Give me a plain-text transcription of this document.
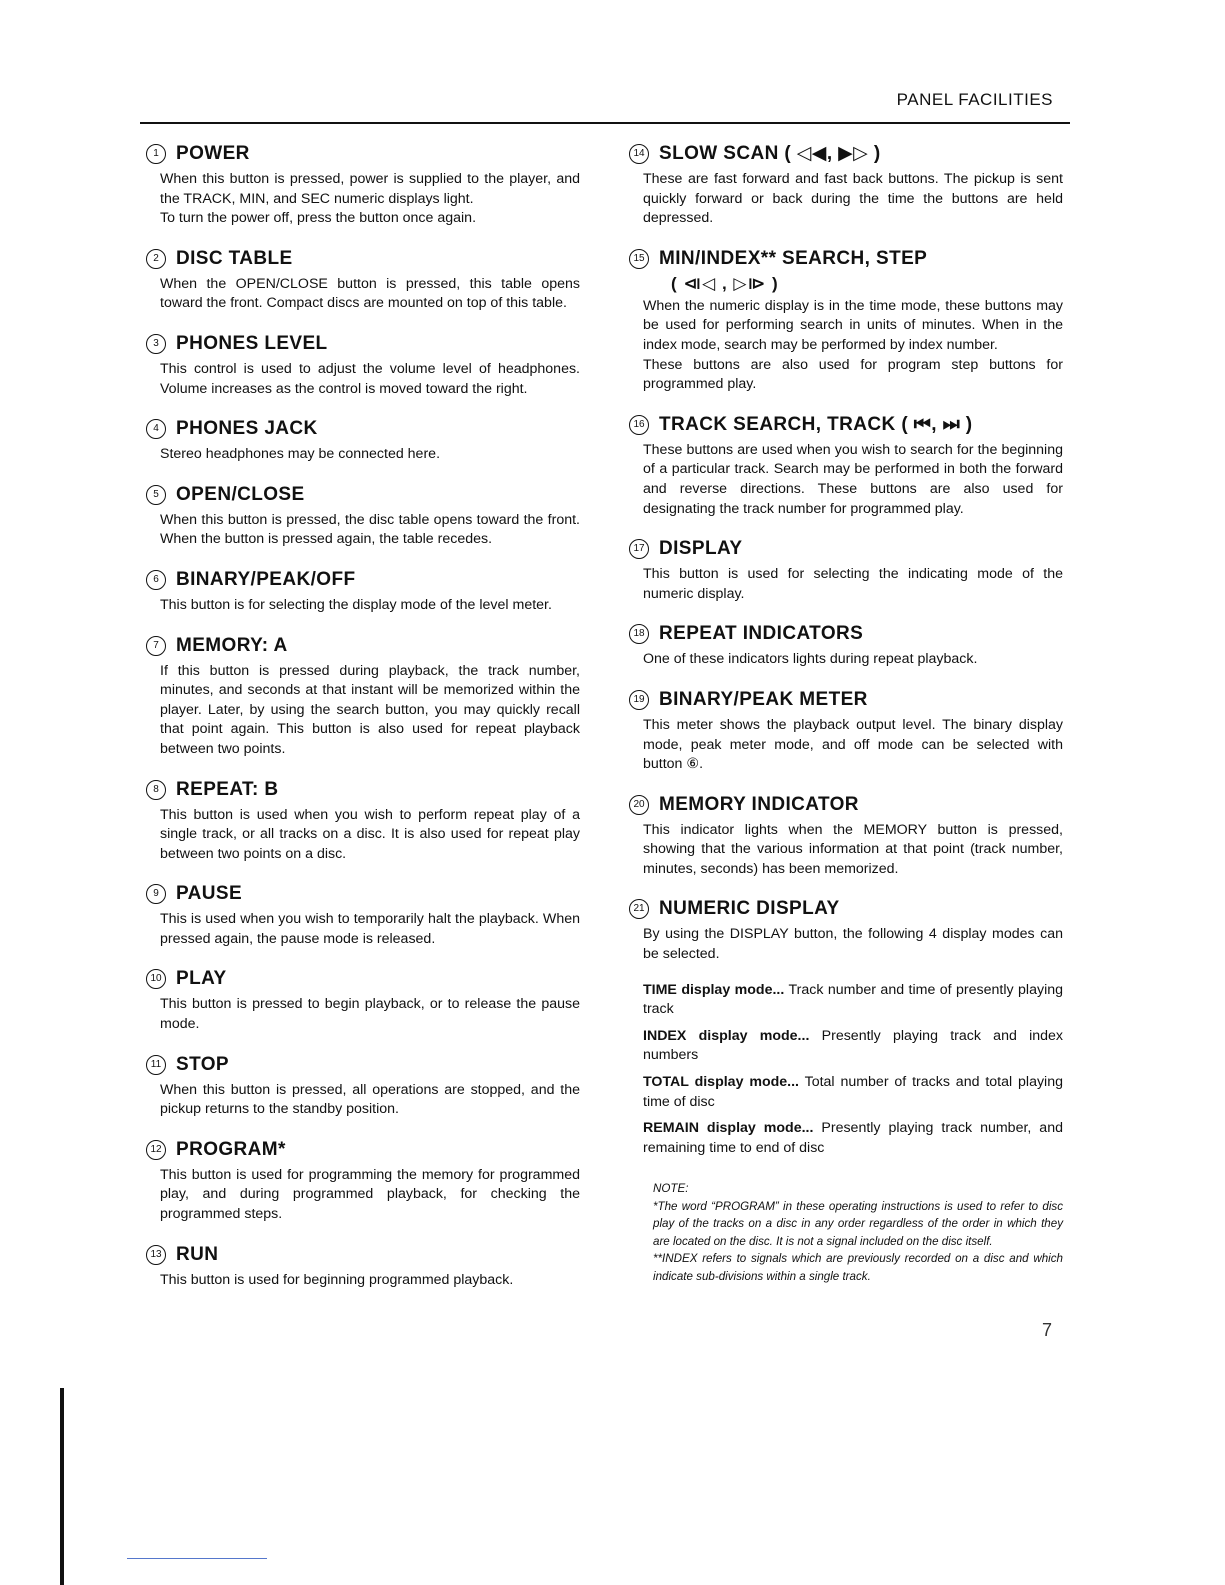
PANEL FACILITIES
1 POWER

When this button is pressed, power is supplied to the player, and the TRACK, MIN, and SEC numeric displays light.

To turn the power off, press the button once again.

2 DISC TABLE

When the OPEN/CLOSE button is pressed, this table opens toward the front. Compact discs are mounted on top of this table.

3 PHONES LEVEL

This control is used to adjust the volume level of headphones. Volume increases as the control is moved toward the right.

4 PHONES JACK

Stereo headphones may be connected here.

5 OPEN/CLOSE

When this button is pressed, the disc table opens toward the front. When the button is pressed again, the table recedes.

6 BINARY/PEAK/OFF

This button is for selecting the display mode of the level meter.

7 MEMORY: A

If this button is pressed during playback, the track number, minutes, and seconds at that instant will be memorized within the player. Later, by using the search button, you may quickly recall that point again. This button is also used for repeat playback between two points.

8 REPEAT: B

This button is used when you wish to perform repeat play of a single track, or all tracks on a disc. It is also used for repeat play between two points on a disc.

9 PAUSE

This is used when you wish to temporarily halt the playback. When pressed again, the pause mode is released.

10 PLAY

This button is pressed to begin playback, or to release the pause mode.

11 STOP

When this button is pressed, all operations are stopped, and the pickup returns to the standby position.

12 PROGRAM*

This button is used for programming the memory for programmed play, and during programmed playback, for checking the programmed steps.

13 RUN

This button is used for beginning programmed playback.

14 SLOW SCAN ( ◁◀, ▶▷ )

These are fast forward and fast back buttons. The pickup is sent quickly forward or back during the time the buttons are held depressed.

15 MIN/INDEX** SEARCH, STEP
( ⧏◁ , ▷⧐ )

When the numeric display is in the time mode, these buttons may be used for performing search in units of minutes. When in the index mode, search may be performed by index number.

These buttons are also used for program step buttons for programmed play.

16 TRACK SEARCH, TRACK ( ⏮, ⏭ )

These buttons are used when you wish to search for the beginning of a particular track. Search may be performed in both the forward and reverse directions. These buttons are also used for designating the track number for programmed play.

17 DISPLAY

This button is used for selecting the indicating mode of the numeric display.

18 REPEAT INDICATORS

One of these indicators lights during repeat playback.

19 BINARY/PEAK METER

This meter shows the playback output level. The binary display mode, peak meter mode, and off mode can be selected with button ⑥.

20 MEMORY INDICATOR

This indicator lights when the MEMORY button is pressed, showing that the various information at that point (track number, minutes, seconds) has been memorized.

21 NUMERIC DISPLAY

By using the DISPLAY button, the following 4 display modes can be selected.

TIME display mode... Track number and time of presently playing track

INDEX display mode... Presently playing track and index numbers

TOTAL display mode... Total number of tracks and total playing time of disc

REMAIN display mode... Presently playing track number, and remaining time to end of disc

NOTE:

*The word “PROGRAM” in these operating instructions is used to refer to disc play of the tracks on a disc in any order regardless of the order in which they are located on the disc. It is not a signal included on the disc itself.

**INDEX refers to signals which are previously recorded on a disc and which indicate sub-divisions within a single track.

7
